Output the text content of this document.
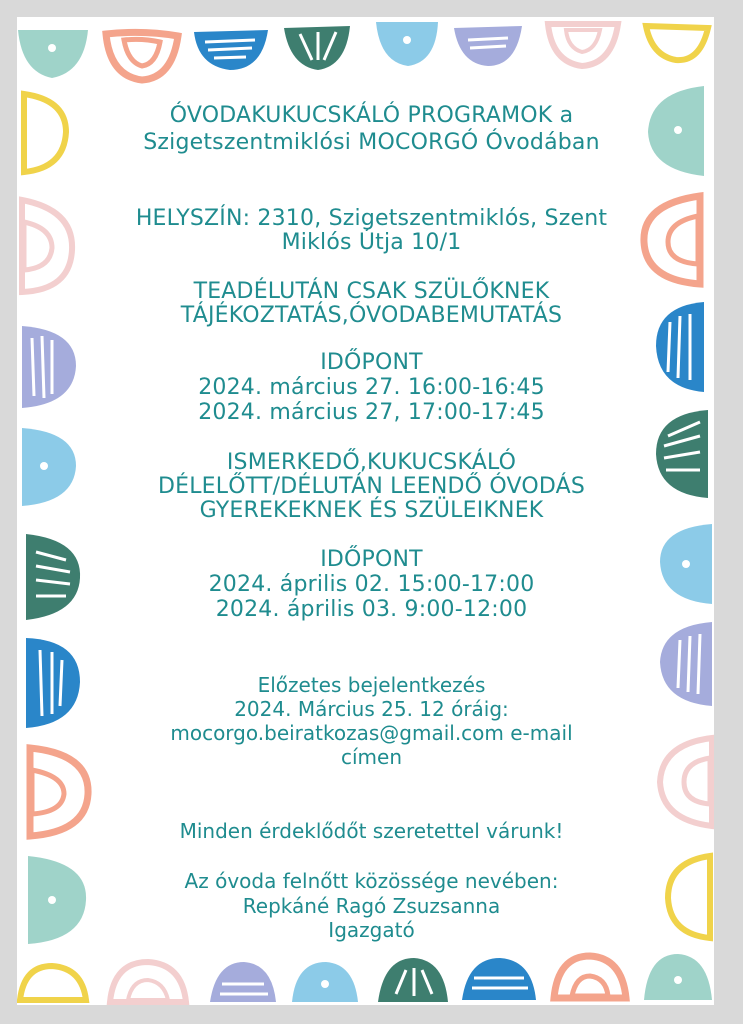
ÓVODAKUKUCSKÁLÓ PROGRAMOK a
Szigetszentmiklósi MOCORGÓ Óvodában
HELYSZÍN: 2310, Szigetszentmiklós, Szent
Miklós Útja 10/1
TEADÉLUTÁN CSAK SZÜLŐKNEK
TÁJÉKOZTATÁS,ÓVODABEMUTATÁS
IDŐPONT
2024. március 27. 16:00-16:45
2024. március 27, 17:00-17:45
ISMERKEDŐ,KUKUCSKÁLÓ
DÉLELŐTT/DÉLUTÁN LEENDŐ ÓVODÁS
GYEREKEKNEK ÉS SZÜLEIKNEK
IDŐPONT
2024. április 02. 15:00-17:00
2024. április 03. 9:00-12:00
Előzetes bejelentkezés
2024. Március 25. 12 óráig:
mocorgo.beiratkozas@gmail.com e-mail
címen
Minden érdeklődőt szeretettel várunk!
Az óvoda felnőtt közössége nevében:
Repkáné Ragó Zsuzsanna
Igazgató
